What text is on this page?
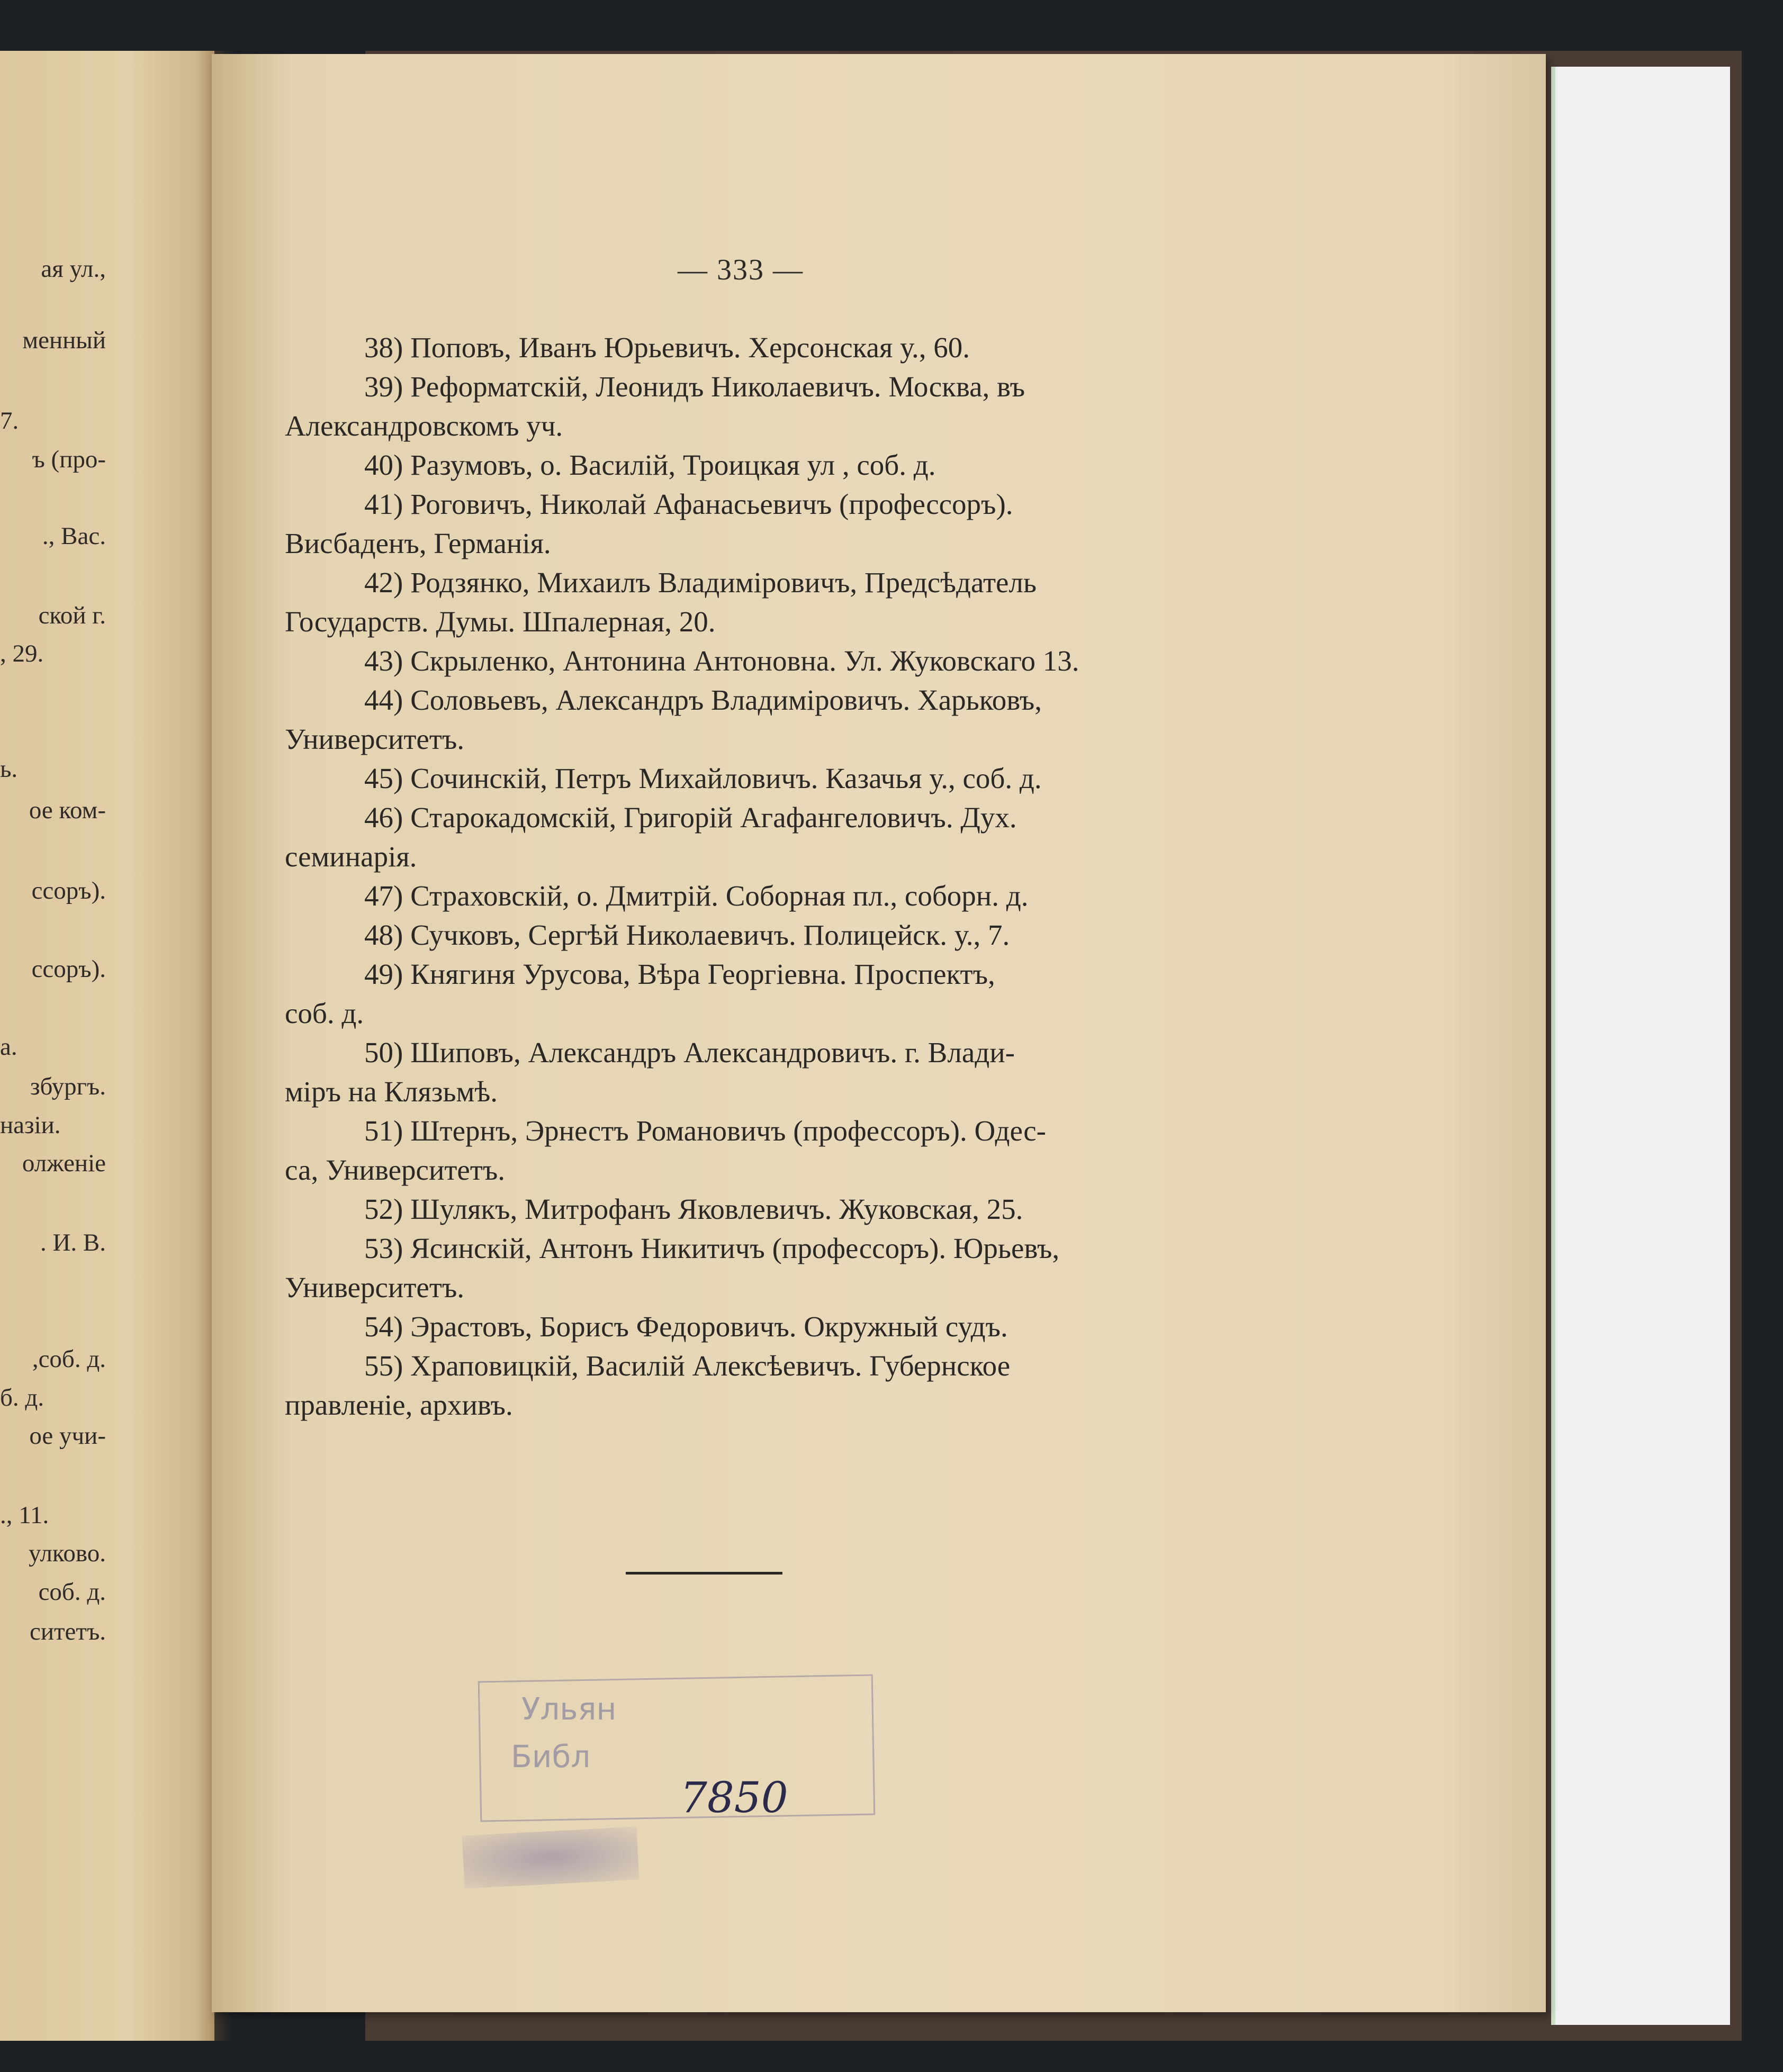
ая ул.,
менный
7.
ъ (про-
., Вас.
ской г.
, 29.
ь.
ое ком-
ссоръ).
ссоръ).
а.
збургъ.
назіи.
олженіе
. И. В.
,соб. д.
б. д.
ое учи-
., 11.
улково.
соб. д.
ситетъ.
— 333 —
38) Поповъ, Иванъ Юрьевичъ. Херсонская у., 60.
39) Реформатскій, Леонидъ Николаевичъ. Москва, въ
Александровскомъ уч.
40) Разумовъ, о. Василій, Троицкая ул , соб. д.
41) Роговичъ, Николай Афанасьевичъ (профессоръ).
Висбаденъ, Германія.
42) Родзянко, Михаилъ Владиміровичъ, Предсѣдатель
Государств. Думы. Шпалерная, 20.
43) Скрыленко, Антонина Антоновна. Ул. Жуковскаго 13.
44) Соловьевъ, Александръ Владиміровичъ. Харьковъ,
Университетъ.
45) Сочинскій, Петръ Михайловичъ. Казачья у., соб. д.
46) Старокадомскій, Григорій Агафангеловичъ. Дух.
семинарія.
47) Страховскій, о. Дмитрій. Соборная пл., соборн. д.
48) Сучковъ, Сергѣй Николаевичъ. Полицейск. у., 7.
49) Княгиня Урусова, Вѣра Георгіевна. Проспектъ,
соб. д.
50) Шиповъ, Александръ Александровичъ. г. Влади-
міръ на Клязьмѣ.
51) Штернъ, Эрнестъ Романовичъ (профессоръ). Одес-
са, Университетъ.
52) Шулякъ, Митрофанъ Яковлевичъ. Жуковская, 25.
53) Ясинскій, Антонъ Никитичъ (профессоръ). Юрьевъ,
Университетъ.
54) Эрастовъ, Борисъ Федоровичъ. Окружный судъ.
55) Храповицкій, Василій Алексѣевичъ. Губернское
правленіе, архивъ.
Ульян
Библ
7850
